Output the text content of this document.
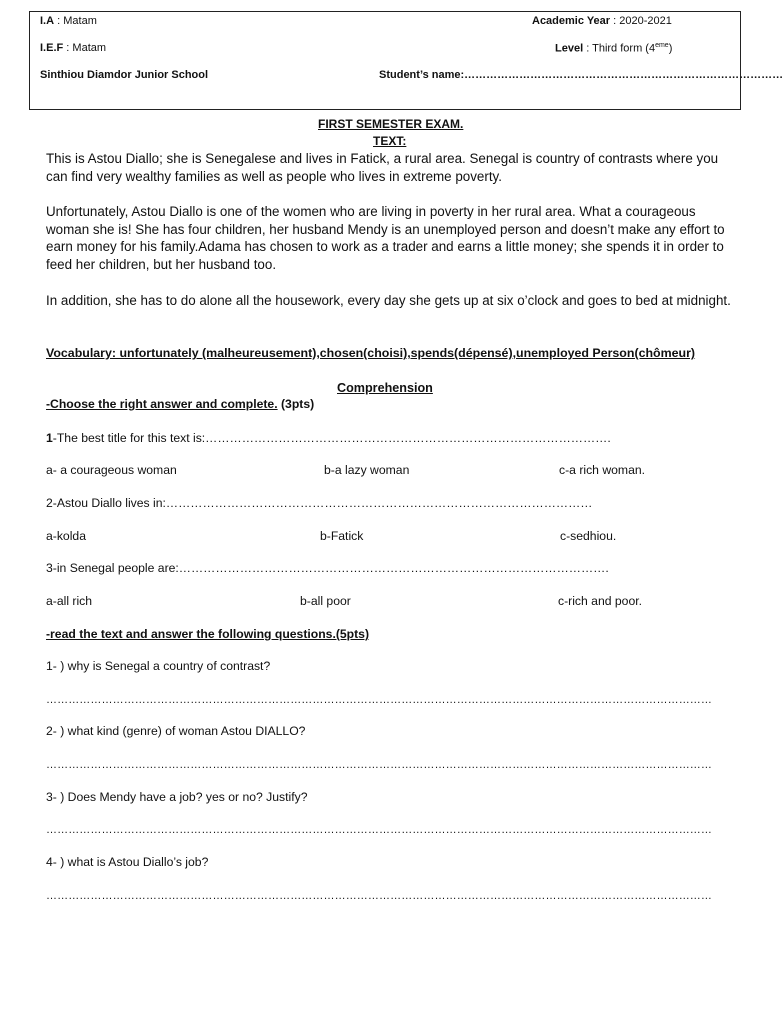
I.A : Matam	Academic Year : 2020-2021
I.E.F : Matam	Level : Third form (4eme)
Sinthiou Diamdor Junior School	Student’s name:……………………………………………………………………………
FIRST SEMESTER EXAM.
TEXT:
This is Astou Diallo; she is Senegalese and lives in Fatick, a rural area. Senegal is country of contrasts where you can find very wealthy families as well as people who lives in extreme poverty.
Unfortunately, Astou Diallo is one of the women who are living in poverty in her rural area. What a courageous woman she is! She has four children, her husband Mendy is an unemployed person and doesn’t make any effort to earn money for his family.Adama has chosen to work as a trader and earns a little money; she spends it in order to feed her children, but her husband too.
In addition, she has to do alone all the housework, every day she gets up at six o’clock and goes to bed at midnight.
Vocabulary: unfortunately (malheureusement),chosen(choisi),spends(dépensé),unemployed Person(chômeur)
Comprehension
-Choose the right answer and complete. (3pts)
1-The best title for this text is:……………………………………………………………………………………….
a- a courageous woman	b-a lazy woman	c-a rich woman.
2-Astou Diallo lives in:……………………………………………………………………………………………
a-kolda	b-Fatick	c-sedhiou.
3-in Senegal people are:…………………………………………………………………………………………….
a-all rich	b-all poor	c-rich and poor.
-read the text and answer the following questions.(5pts)
1- ) why is Senegal a country of contrast?
………………………………………………………………………………………………………………………………………………………………
2- ) what kind (genre) of woman Astou DIALLO?
………………………………………………………………………………………………………………………………………………………………
3- ) Does Mendy have a job? yes or no? Justify?
………………………………………………………………………………………………………………………………………………………………
4- ) what is Astou Diallo’s job?
………………………………………………………………………………………………………………………………………………………………
